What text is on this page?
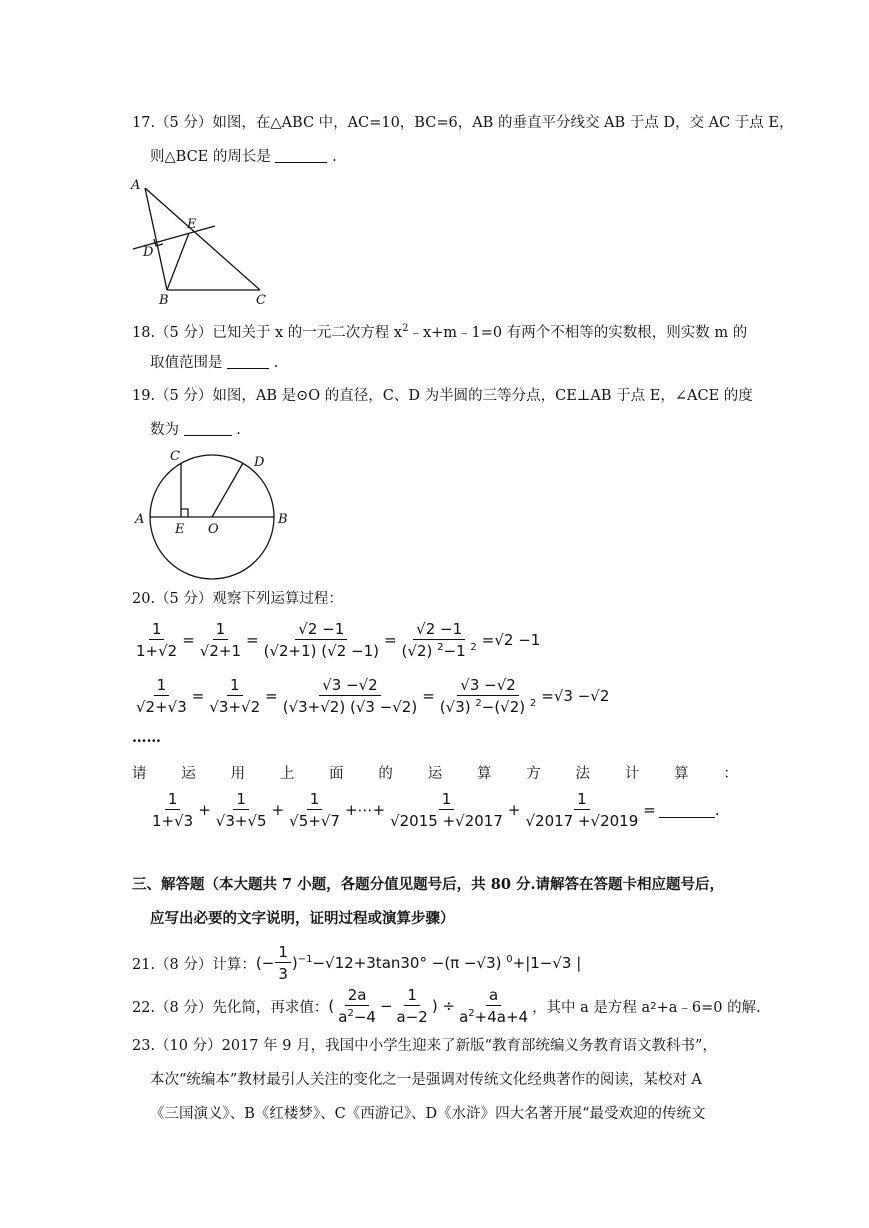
17.（5 分）如图，在△ABC 中，AC=10，BC=6，AB 的垂直平分线交 AB 于点 D，交 AC 于点 E，
则△BCE 的周长是	.
A
E
D
B	C
18.（5 分）已知关于 x 的一元二次方程 $x^2﹣x+m﹣1=0$ 有两个不相等的实数根，则实数 m 的
取值范围是	.
19.（5 分）如图，AB 是⊙O 的直径，C、D 为半圆的三等分点，CE⊥AB 于点 E，∠ACE 的度
数为	.
C	D
A	B
E O
20.（5 分）观察下列运算过程：
$\frac{1}{1+√2} = \frac{1}{√2+1} = \frac{√2 -1}{(√2+1) (√2 -1)} = \frac{√2 -1}{(√2) ^2-1 ^2} =√2 -1$
$\frac{1}{√2+√3} = \frac{1}{√3+√2} = \frac{√3 -√2}{(√3+√2) (√3 -√2)} = \frac{√3 -√2}{(√3) ^2-(√2) ^2} =√3 -√2$
……
请 运 用 上 面 的 运 算 方 法 计 算 ：
$\frac{1}{1+√3} + \frac{1}{√3+√5} + \frac{1}{√5+√7}$ +⋯+ $\frac{1}{√2015 +√2017} + \frac{1}{√2017 +√2019}$ =	.
三、解答题（本大题共 7 小题，各题分值见题号后，共 80 分.请解答在答题卡相应题号后，
应写出必要的文字说明，证明过程或演算步骤）
21.（8 分）计算： (− $\frac{1}{3} )^{-1}-√12+3\tan 30^\circ -(\pi -√3)$ $^0$+|1−√3 |
22.（8 分）先化简，再求值： ( $\frac{2a}{a^2-4} - \frac{1}{a-2}$ ) ÷ $\frac{a}{a^2+4a+4}$ ，其中 a 是方程 a 2 +a﹣6=0 的解.
23.（10 分）2017 年 9 月，我国中小学生迎来了新版“教育部统编义务教育语文教科书”，
本次“统编本”教材最引人关注的变化之一是强调对传统文化经典著作的阅读，某校对 A
《三国演义》、B《红楼梦》、C《西游记》、D《水浒》四大名著开展“最受欢迎的传统文
